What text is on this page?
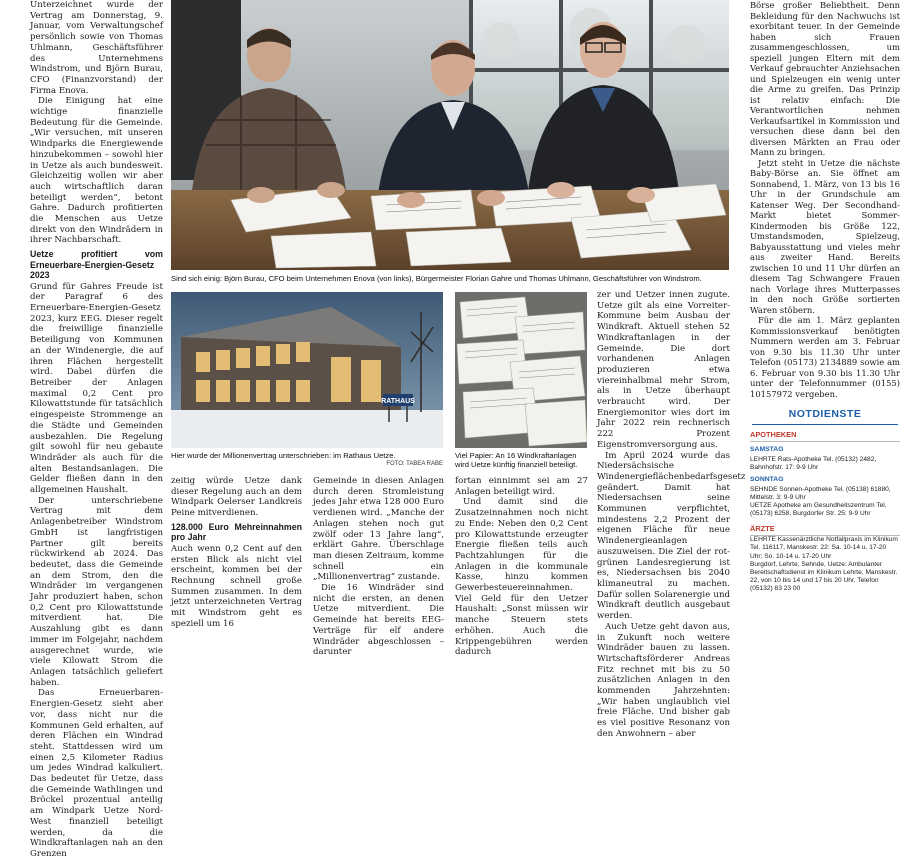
Unterzeichnet wurde der Vertrag am Donnerstag, 9. Januar, vom Verwaltungschef persönlich sowie von Thomas Uhlmann, Geschäftsführer des Unternehmens Windstrom, und Björn Burau, CFO (Finanzvorstand) der Firma Enova.

Die Einigung hat eine wichtige finanzielle Bedeutung für die Gemeinde. „Wir versuchen, mit unseren Windparks die Energiewende hinzubekommen – sowohl hier in Uetze als auch bundesweit. Gleichzeitig wollen wir aber auch wirtschaftlich daran beteiligt werden“, betont Gahre. Dadurch profitierten die Menschen aus Uetze direkt von den Windrädern in ihrer Nachbarschaft.

Uetze profitiert vom Erneuerbare-Energien-Gesetz 2023

Grund für Gahres Freude ist der Paragraf 6 des Erneuerbare-Energien-Gesetz 2023, kurz EEG. Dieser regelt die freiwillige finanzielle Beteiligung von Kommunen an der Windenergie, die auf ihren Flächen hergestellt wird. Dabei dürfen die Betreiber der Anlagen maximal 0,2 Cent pro Kilowattstunde für tatsächlich eingespeiste Strommenge an die Städte und Gemeinden ausbezahlen. Die Regelung gilt sowohl für neu gebaute Windräder als auch für die alten Bestandsanlagen. Die Gelder fließen dann in den allgemeinen Haushalt.

Der unterschriebene Vertrag mit dem Anlagenbetreiber Windstrom GmbH ist langfristigen Partner gilt bereits rückwirkend ab 2024. Das bedeutet, dass die Gemeinde an dem Strom, den die Windräder im vergangenen Jahr produziert haben, schon 0,2 Cent pro Kilowattstunde mitverdient hat. Die Auszahlung gibt es dann immer im Folgejahr, nachdem ausgerechnet wurde, wie viele Kilowatt Strom die Anlagen tatsächlich geliefert haben.

Das Erneuerbaren-Energien-Gesetz sieht aber vor, dass nicht nur die Kommunen Geld erhalten, auf deren Flächen ein Windrad steht. Stattdessen wird um einen 2,5 Kilometer Radius um jedes Windrad kalkuliert. Das bedeutet für Uetze, dass die Gemeinde Wathlingen und Bröckel prozentual anteilig am Windpark Uetze Nord-West finanziell beteiligt werden, da die Windkraftanlagen nah an den Grenzen

Sind sich einig: Björn Burau, CFO beim Unternehmen Enova (von links), Bürgermeister Florian Gahre und Thomas Uhlmann, Geschäftsführer von Windstrom.
RATHAUS
Hier wurde der Millionenvertrag unterschrieben: im Rathaus Uetze.
FOTO: TABEA RABE
Viel Papier: An 16 Windkraftanlagen wird Uetze künftig finanziell beteiligt.

zeitig würde Uetze dank dieser Regelung auch an dem Windpark Oelerser Landkreis Peine mitverdienen.

128.000 Euro Mehreinnahmen pro Jahr

Auch wenn 0,2 Cent auf den ersten Blick als nicht viel erscheint, kommen bei der Rechnung schnell große Summen zusammen. In dem jetzt unterzeichneten Vertrag mit Windstrom geht es speziell um 16

Gemeinde in diesen Anlagen durch deren Stromleistung jedes Jahr etwa 128 000 Euro verdienen wird. „Manche der Anlagen stehen noch gut zwölf oder 13 Jahre lang“, erklärt Gahre. Überschlage man diesen Zeitraum, komme schnell ein „Millionenvertrag“ zustande.

Die 16 Windräder sind nicht die ersten, an denen Uetze mitverdient. Die Gemeinde hat bereits EEG-Verträge für elf andere Windräder abgeschlossen – darunter

fortan einnimmt sei am 27 Anlagen beteiligt wird.

Und damit sind die Zusatzeinnahmen noch nicht zu Ende: Neben den 0,2 Cent pro Kilowattstunde erzeugter Energie fließen teils auch Pachtzahlungen für die Anlagen in die kommunale Kasse, hinzu kommen Gewerbesteuereinnahmen. Viel Geld für den Uetzer Haushalt: „Sonst müssen wir manche Steuern stets erhöhen. Auch die Krippengebühren werden dadurch

zer und Uetzer innen zugute. Uetze gilt als eine Vorreiter-Kommune beim Ausbau der Windkraft. Aktuell stehen 52 Windkraftanlagen in der Gemeinde. Die dort vorhandenen Anlagen produzieren etwa viereinhalbmal mehr Strom, als in Uetze überhaupt verbraucht wird. Der Energiemonitor wies dort im Jahr 2022 rein rechnerisch 222 Prozent Eigenstromversorgung aus.

Im April 2024 wurde das Niedersächsische Windenergieflächenbedarfsgesetz geändert. Damit hat Niedersachsen seine Kommunen verpflichtet, mindestens 2,2 Prozent der eigenen Fläche für neue Windenergieanlagen auszuweisen. Die Ziel der rot-grünen Landesregierung ist es, Niedersachsen bis 2040 klimaneutral zu machen. Dafür sollen Solarenergie und Windkraft deutlich ausgebaut werden.

Auch Uetze geht davon aus, in Zukunft noch weitere Windräder bauen zu lassen. Wirtschaftsförderer Andreas Fitz rechnet mit bis zu 50 zusätzlichen Anlagen in den kommenden Jahrzehnten: „Wir haben unglaublich viel freie Fläche. Und bisher gab es viel positive Resonanz von den Anwohnern – aber

Börse großer Beliebtheit. Denn Bekleidung für den Nachwuchs ist exorbitant teuer. In der Gemeinde haben sich Frauen zusammengeschlossen, um speziell jungen Eltern mit dem Verkauf gebrauchter Anziehsachen und Spielzeugen ein wenig unter die Arme zu greifen. Das Prinzip ist relativ einfach: Die Verantwortlichen nehmen Verkaufsartikel in Kommission und versuchen diese dann bei den diversen Märkten an Frau oder Mann zu bringen.

Jetzt steht in Uetze die nächste Baby-Börse an. Sie öffnet am Sonnabend, 1. März, von 13 bis 16 Uhr in der Grundschule am Katenser Weg. Der Secondhand-Markt bietet Sommer-Kindermoden bis Größe 122, Umstandsmoden, Spielzeug, Babyausstattung und vieles mehr aus zweiter Hand. Bereits zwischen 10 und 11 Uhr dürfen an diesem Tag Schwangere Frauen nach Vorlage ihres Mutterpasses in den noch Größe sortierten Waren stöbern.

Für die am 1. März geplanten Kommissionsverkauf benötigten Nummern werden am 3. Februar von 9.30 bis 11.30 Uhr unter Telefon (05173) 2134889 sowie am 6. Februar von 9.30 bis 11.30 Uhr unter der Telefonnummer (0155) 10157972 vergeben.

NOTDIENSTE
APOTHEKEN
SAMSTAG
LEHRTE Rats-Apotheke Tel. (05132) 2482, Bahnhofstr. 17: 9-9 Uhr
SONNTAG
SEHNDE Sonnen-Apotheke Tel. (05138) 61880, Mittelstr. 3: 9-9 Uhr
UETZE Apotheke am Gesundheitszentrum Tel. (05173) 6258, Burgdorfer Str. 25: 9-9 Uhr
ÄRZTE
LEHRTE Kassenärztliche Notfallpraxis im Klinikum Tel. 116117, Manskestr. 22: Sa. 10-14 u. 17-20 Uhr; So. 10-14 u. 17-20 Uhr
Burgdorf, Lehrte, Sehnde, Uetze: Ambulanter Bereitschaftsdienst im Klinikum Lehrte, Manskestr. 22, von 10 bis 14 und 17 bis 20 Uhr, Telefon (05132) 83 23 00
